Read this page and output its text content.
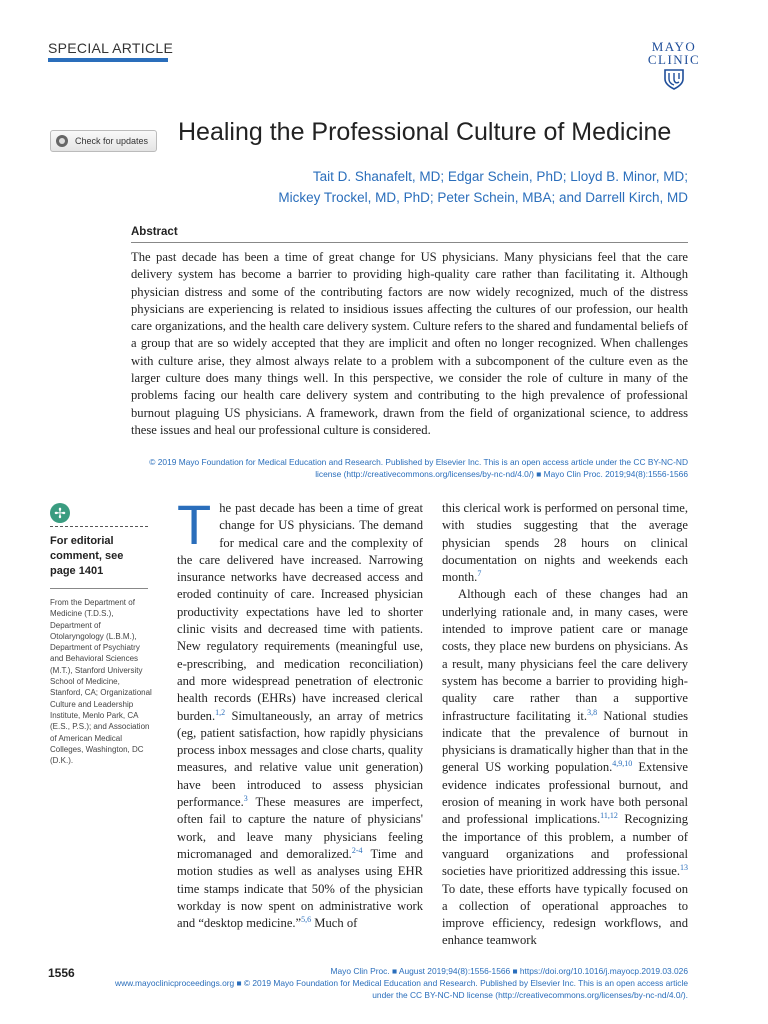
SPECIAL ARTICLE	MAYO
CLINIC
Check for updates Healing the Professional Culture of Medicine
Tait D. Shanafelt, MD; Edgar Schein, PhD; Lloyd B. Minor, MD;
Mickey Trockel, MD, PhD; Peter Schein, MBA; and Darrell Kirch, MD
Abstract
The past decade has been a time of great change for US physicians. Many physicians feel that the care delivery system has become a barrier to providing high-quality care rather than facilitating it. Although physician distress and some of the contributing factors are now widely recognized, much of the distress physicians are experiencing is related to insidious issues affecting the cultures of our profession, our health care organizations, and the health care delivery system. Culture refers to the shared and fundamental beliefs of a group that are so widely accepted that they are implicit and often no longer recognized. When challenges with culture arise, they almost always relate to a problem with a subcomponent of the culture even as the larger culture does many things well. In this perspective, we consider the role of culture in many of the problems facing our health care delivery system and contributing to the high prevalence of professional burnout plaguing US physicians. A framework, drawn from the field of organizational science, to address these issues and heal our professional culture is considered.
© 2019 Mayo Foundation for Medical Education and Research. Published by Elsevier Inc. This is an open access article under the CC BY-NC-ND
license (http://creativecommons.org/licenses/by-nc-nd/4.0/) ■ Mayo Clin Proc. 2019;94(8):1556-1566
✢
For editorial comment, see page 1401
From the Department of Medicine (T.D.S.), Department of Otolaryngology (L.B.M.), Department of Psychiatry and Behavioral Sciences (M.T.), Stanford University School of Medicine, Stanford, CA; Organizational Culture and Leadership Institute, Menlo Park, CA (E.S., P.S.); and Association of American Medical Colleges, Washington, DC (D.K.).

The past decade has been a time of great change for US physicians. The demand for medical care and the complexity of the care delivered have increased. Narrowing insurance networks have decreased access and eroded continuity of care. Increased physician productivity expectations have led to shorter clinic visits and decreased time with patients. New regulatory requirements (meaningful use, e-prescribing, and medication reconciliation) and more widespread penetration of electronic health records (EHRs) have increased clerical burden.$^{1,2}$ Simultaneously, an array of metrics (eg, patient satisfaction, how rapidly physicians process inbox messages and close charts, quality measures, and relative value unit generation) have been introduced to assess physician performance.$^3$ These measures are imperfect, often fail to capture the nature of physicians' work, and leave many physicians feeling micromanaged and demoralized.$^{2-4}$ Time and motion studies as well as analyses using EHR time stamps indicate that 50% of the physician workday is now spent on administrative work and “desktop medicine.”$^{5,6}$ Much of

this clerical work is performed on personal time, with studies suggesting that the average physician spends 28 hours on clinical documentation on nights and weekends each month.$^7$

Although each of these changes had an underlying rationale and, in many cases, were intended to improve patient care or manage costs, they place new burdens on physicians. As a result, many physicians feel the care delivery system has become a barrier to providing high-quality care rather than a supportive infrastructure facilitating it.$^{3,8}$ National studies indicate that the prevalence of burnout in physicians is dramatically higher than that in the general US working population.$^{4,9,10}$ Extensive evidence indicates professional burnout, and erosion of meaning in work have both personal and professional implications.$^{11,12}$ Recognizing the importance of this problem, a number of vanguard organizations and professional societies have prioritized addressing this issue.$^{13}$ To date, these efforts have typically focused on a collection of operational approaches to improve efficiency, redesign workflows, and enhance teamwork

1556	Mayo Clin Proc. ■ August 2019;94(8):1556-1566 ■ https://doi.org/10.1016/j.mayocp.2019.03.026
www.mayoclinicproceedings.org ■ © 2019 Mayo Foundation for Medical Education and Research. Published by Elsevier Inc. This is an open access article
under the CC BY-NC-ND license (http://creativecommons.org/licenses/by-nc-nd/4.0/).
